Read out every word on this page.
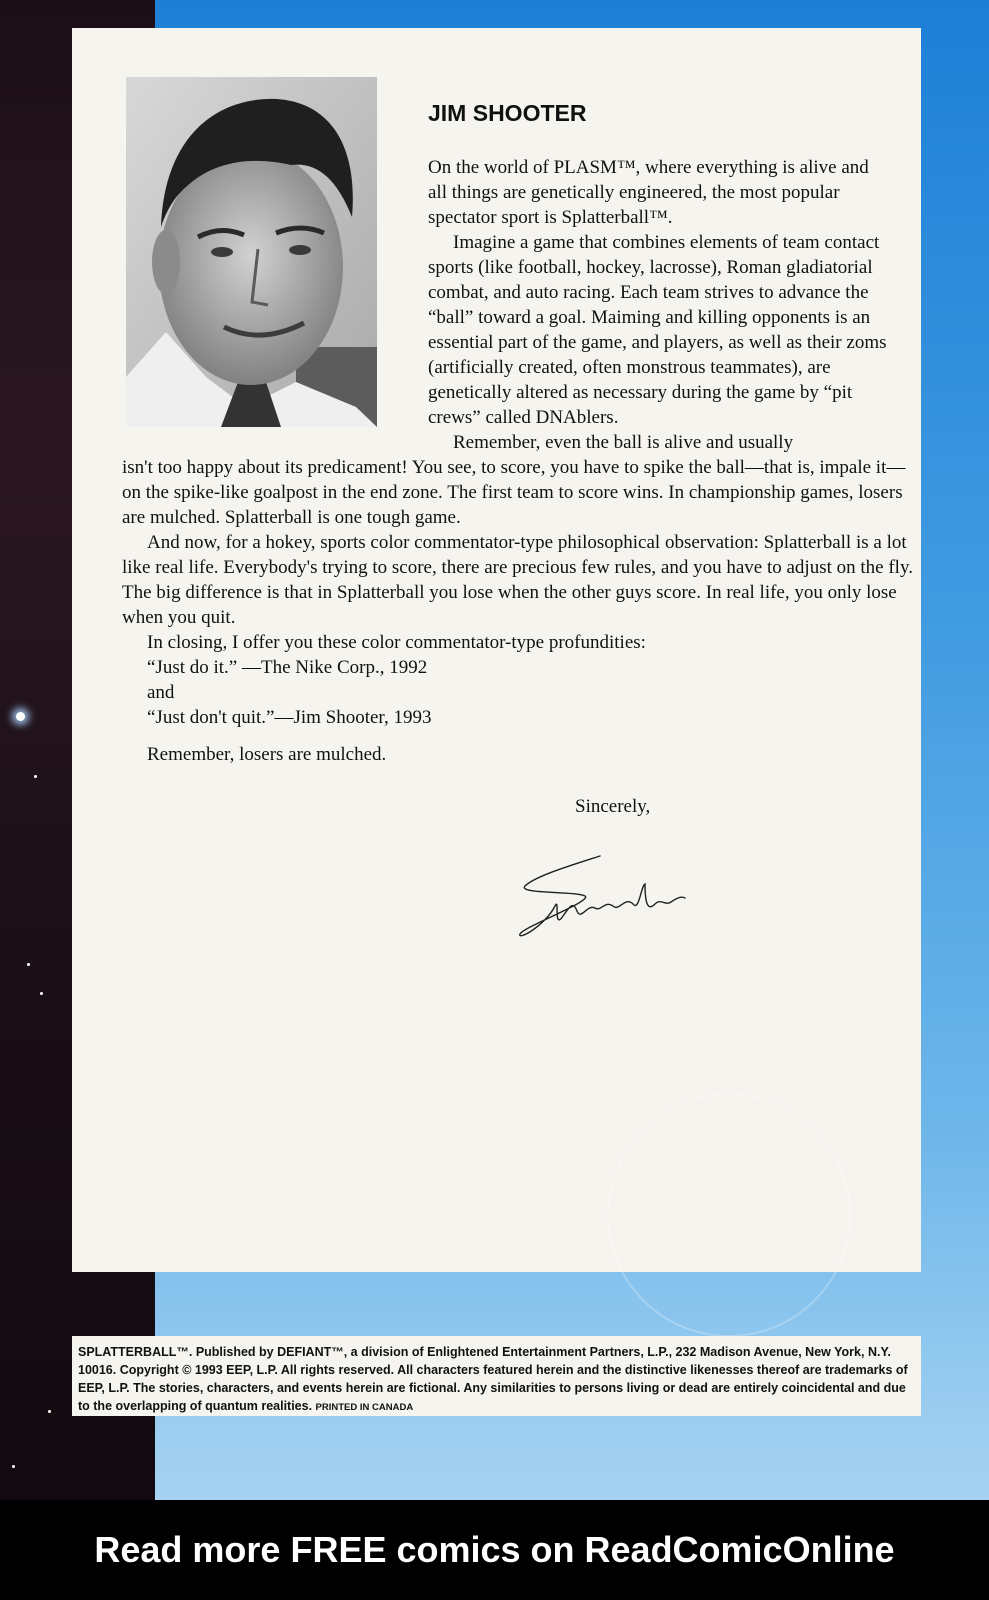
JIM SHOOTER

On the world of PLASM™, where everything is alive and all things are genetically engineered, the most popular spectator sport is Splatterball™.

Imagine a game that combines elements of team contact sports (like football, hockey, lacrosse), Roman gladiatorial combat, and auto racing. Each team strives to advance the “ball” toward a goal. Maiming and killing opponents is an essential part of the game, and players, as well as their zoms (artificially created, often monstrous teammates), are genetically altered as necessary during the game by “pit crews” called DNAblers.

Remember, even the ball is alive and usually

isn't too happy about its predicament! You see, to score, you have to spike the ball—that is, impale it—on the spike-like goalpost in the end zone. The first team to score wins. In championship games, losers are mulched. Splatterball is one tough game.

And now, for a hokey, sports color commentator-type philosophical observation: Splatterball is a lot like real life. Everybody's trying to score, there are precious few rules, and you have to adjust on the fly. The big difference is that in Splatterball you lose when the other guys score. In real life, you only lose when you quit.

In closing, I offer you these color commentator-type profundities:

“Just do it.” —The Nike Corp., 1992

and

“Just don't quit.”—Jim Shooter, 1993

Remember, losers are mulched.

Sincerely,
SPLATTERBALL™. Published by DEFIANT™, a division of Enlightened Entertainment Partners, L.P., 232 Madison Avenue, New York, N.Y. 10016. Copyright © 1993 EEP, L.P. All rights reserved. All characters featured herein and the distinctive likenesses thereof are trademarks of EEP, L.P. The stories, characters, and events herein are fictional. Any similarities to persons living or dead are entirely coincidental and due to the overlapping of quantum realities. PRINTED IN CANADA
Read more FREE comics on ReadComicOnline
